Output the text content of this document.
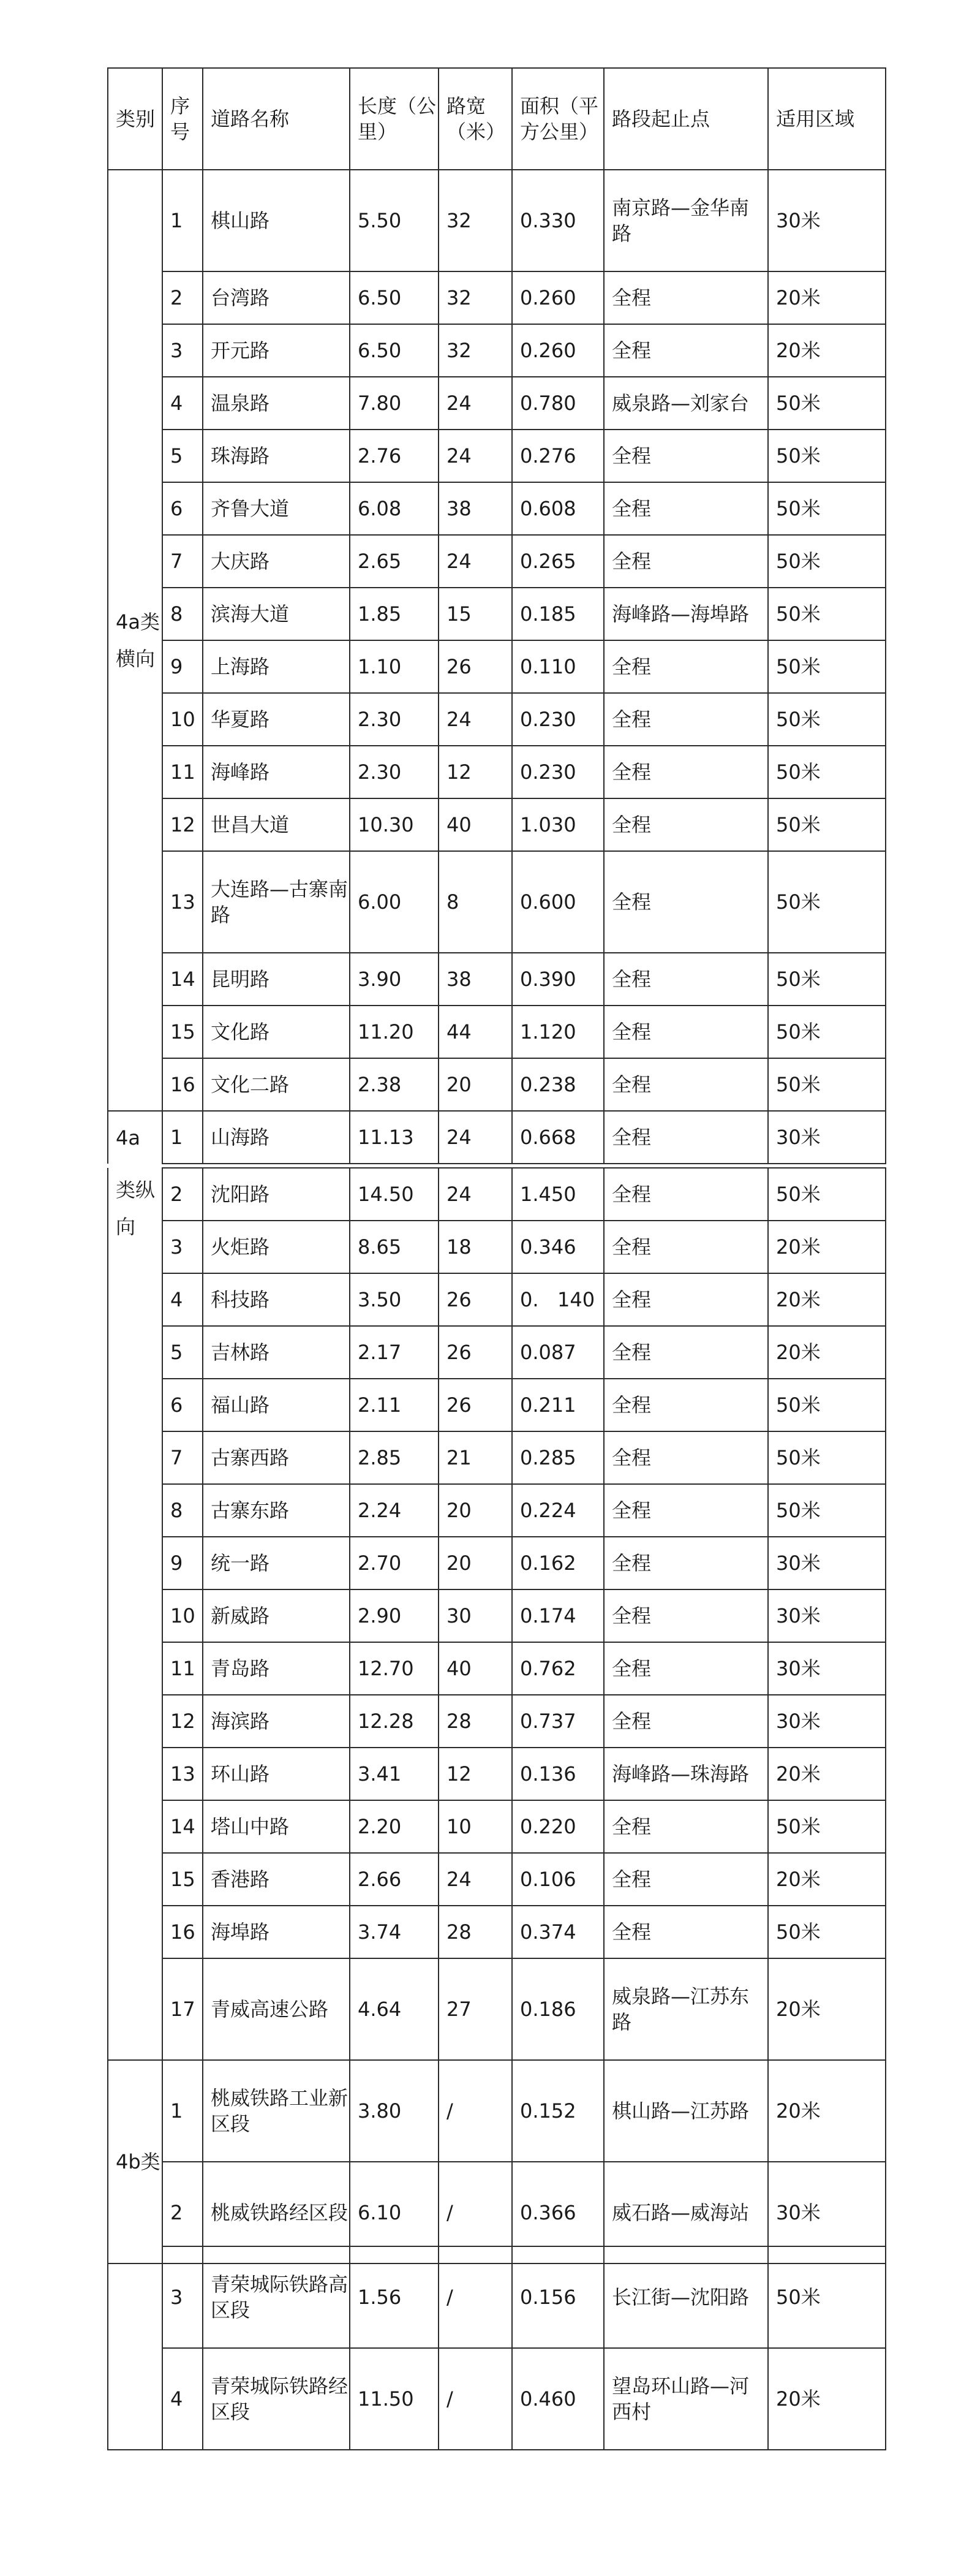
类别	序号	道路名称	长度（公里）	路宽（米）	面积（平方公里）	路段起止点	适用区域
4a类横向	1	棋山路	5.50	32	0.330	南京路—金华南路	30米
	2	台湾路	6.50	32	0.260	全程	20米
	3	开元路	6.50	32	0.260	全程	20米
	4	温泉路	7.80	24	0.780	威泉路—刘家台	50米
	5	珠海路	2.76	24	0.276	全程	50米
	6	齐鲁大道	6.08	38	0.608	全程	50米
	7	大庆路	2.65	24	0.265	全程	50米
	8	滨海大道	1.85	15	0.185	海峰路—海埠路	50米
	9	上海路	1.10	26	0.110	全程	50米
	10	华夏路	2.30	24	0.230	全程	50米
	11	海峰路	2.30	12	0.230	全程	50米
	12	世昌大道	10.30	40	1.030	全程	50米
	13	大连路—古寨南路	6.00	8	0.600	全程	50米
	14	昆明路	3.90	38	0.390	全程	50米
	15	文化路	11.20	44	1.120	全程	50米
	16	文化二路	2.38	20	0.238	全程	50米
4a	1	山海路	11.13	24	0.668	全程	30米
类纵向	2	沈阳路	14.50	24	1.450	全程	50米
	3	火炬路	8.65	18	0.346	全程	20米
	4	科技路	3.50	26	0.   140	全程	20米
	5	吉林路	2.17	26	0.087	全程	20米
	6	福山路	2.11	26	0.211	全程	50米
	7	古寨西路	2.85	21	0.285	全程	50米
	8	古寨东路	2.24	20	0.224	全程	50米
	9	统一路	2.70	20	0.162	全程	30米
	10	新威路	2.90	30	0.174	全程	30米
	11	青岛路	12.70	40	0.762	全程	30米
	12	海滨路	12.28	28	0.737	全程	30米
	13	环山路	3.41	12	0.136	海峰路—珠海路	20米
	14	塔山中路	2.20	10	0.220	全程	50米
	15	香港路	2.66	24	0.106	全程	20米
	16	海埠路	3.74	28	0.374	全程	50米
	17	青威高速公路	4.64	27	0.186	威泉路—江苏东路	20米
4b类	1	桃威铁路工业新区段	3.80	/	0.152	棋山路—江苏路	20米
	2	桃威铁路经区段	6.10	/	0.366	威石路—威海站	30米
	3	青荣城际铁路高区段	1.56	/	0.156	长江街—沈阳路	50米
	4	青荣城际铁路经区段	11.50	/	0.460	望岛环山路—河西村	20米
